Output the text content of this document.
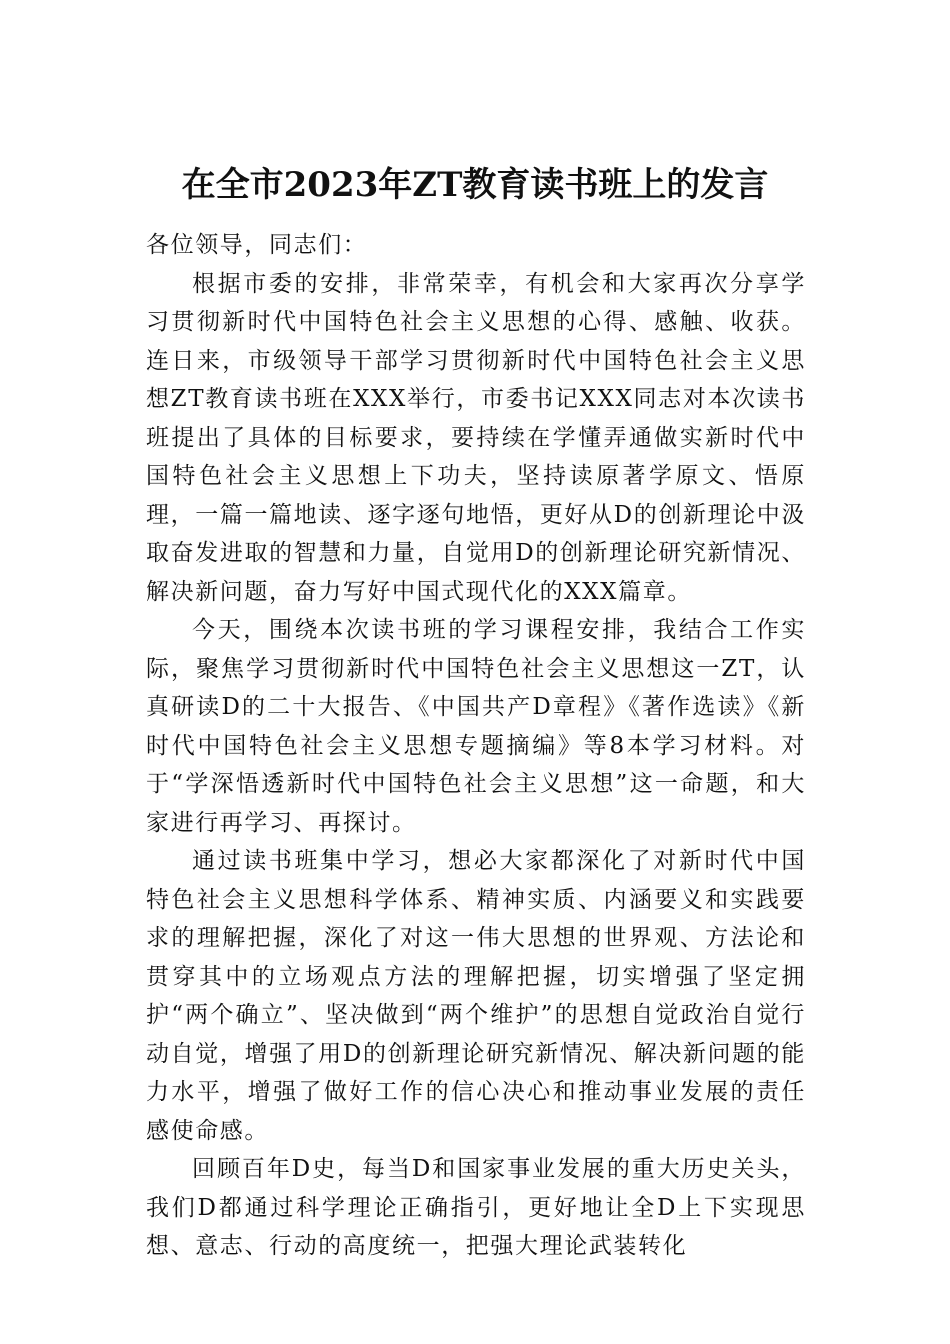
在全市2023年ZT教育读书班上的发言

各位领导，同志们：

根据市委的安排，非常荣幸，有机会和大家再次分享学习贯彻新时代中国特色社会主义思想的心得、感触、收获。连日来，市级领导干部学习贯彻新时代中国特色社会主义思想ZT教育读书班在XXX举行，市委书记XXX同志对本次读书班提出了具体的目标要求，要持续在学懂弄通做实新时代中国特色社会主义思想上下功夫，坚持读原著学原文、悟原理，一篇一篇地读、逐字逐句地悟，更好从D的创新理论中汲取奋发进取的智慧和力量，自觉用D的创新理论研究新情况、解决新问题，奋力写好中国式现代化的XXX篇章。

今天，围绕本次读书班的学习课程安排，我结合工作实际，聚焦学习贯彻新时代中国特色社会主义思想这一ZT，认真研读D的二十大报告、《中国共产D章程》《著作选读》《新时代中国特色社会主义思想专题摘编》等8本学习材料。对于“学深悟透新时代中国特色社会主义思想”这一命题，和大家进行再学习、再探讨。

通过读书班集中学习，想必大家都深化了对新时代中国特色社会主义思想科学体系、精神实质、内涵要义和实践要求的理解把握，深化了对这一伟大思想的世界观、方法论和贯穿其中的立场观点方法的理解把握，切实增强了坚定拥护“两个确立”、坚决做到“两个维护”的思想自觉政治自觉行动自觉，增强了用D的创新理论研究新情况、解决新问题的能力水平，增强了做好工作的信心决心和推动事业发展的责任感使命感。

回顾百年D史，每当D和国家事业发展的重大历史关头，我们D都通过科学理论正确指引，更好地让全D上下实现思想、意志、行动的高度统一，把强大理论武装转化
